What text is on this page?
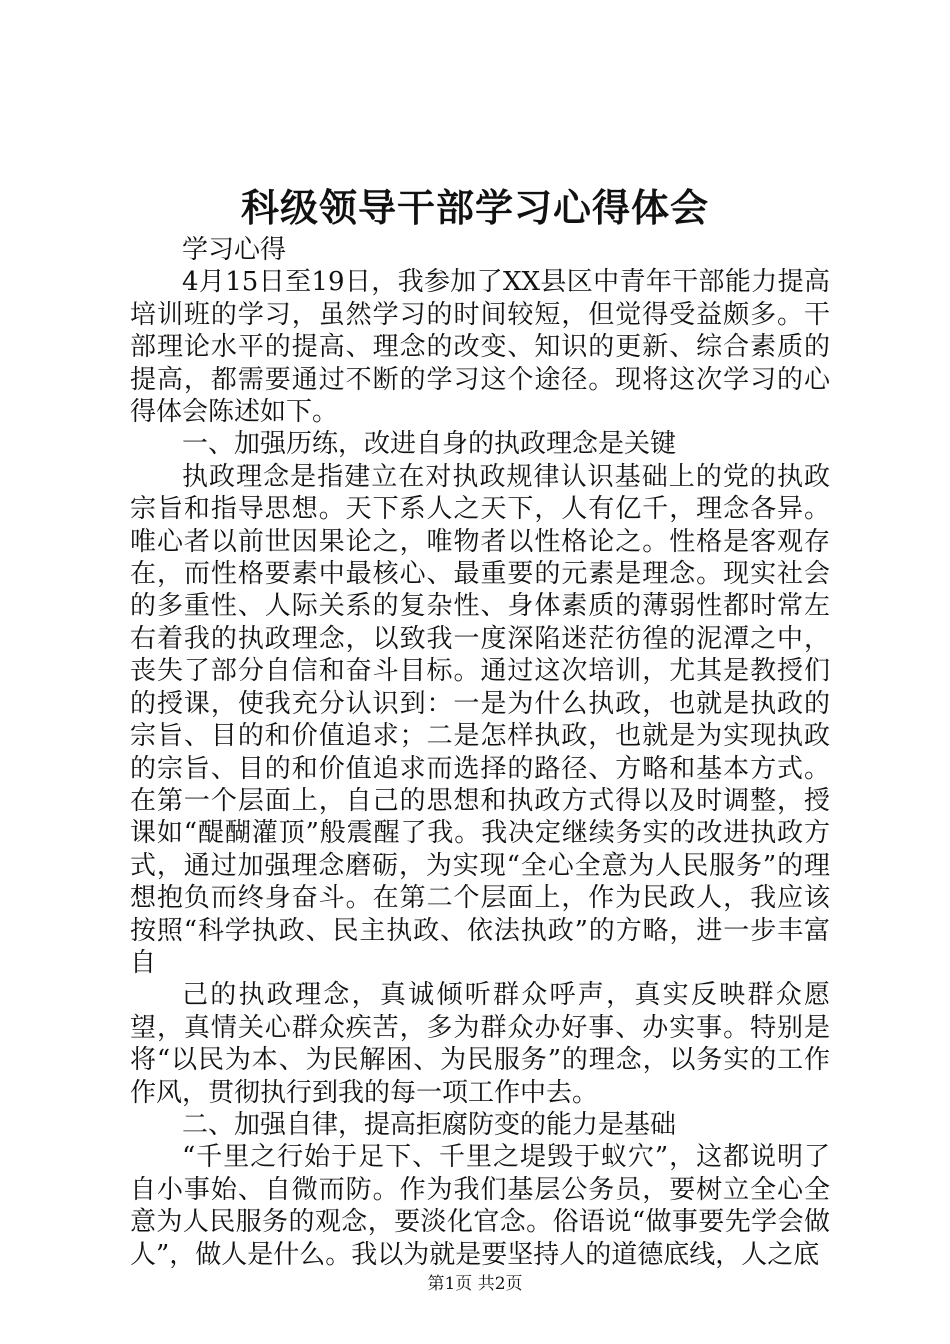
科级领导干部学习心得体会

学习心得

4月15日至19日，我参加了XX县区中青年干部能力提高培训班的学习，虽然学习的时间较短，但觉得受益颇多。干部理论水平的提高、理念的改变、知识的更新、综合素质的提高，都需要通过不断的学习这个途径。现将这次学习的心得体会陈述如下。

一、加强历练，改进自身的执政理念是关键

执政理念是指建立在对执政规律认识基础上的党的执政宗旨和指导思想。天下系人之天下，人有亿千，理念各异。唯心者以前世因果论之，唯物者以性格论之。性格是客观存在，而性格要素中最核心、最重要的元素是理念。现实社会的多重性、人际关系的复杂性、身体素质的薄弱性都时常左右着我的执政理念，以致我一度深陷迷茫彷徨的泥潭之中，丧失了部分自信和奋斗目标。通过这次培训，尤其是教授们的授课，使我充分认识到：一是为什么执政，也就是执政的宗旨、目的和价值追求；二是怎样执政，也就是为实现执政的宗旨、目的和价值追求而选择的路径、方略和基本方式。在第一个层面上，自己的思想和执政方式得以及时调整，授课如“醍醐灌顶”般震醒了我。我决定继续务实的改进执政方式，通过加强理念磨砺，为实现“全心全意为人民服务”的理想抱负而终身奋斗。在第二个层面上，作为民政人，我应该按照“科学执政、民主执政、依法执政”的方略，进一步丰富自

己的执政理念，真诚倾听群众呼声，真实反映群众愿望，真情关心群众疾苦，多为群众办好事、办实事。特别是将“以民为本、为民解困、为民服务”的理念，以务实的工作作风，贯彻执行到我的每一项工作中去。

二、加强自律，提高拒腐防变的能力是基础

“千里之行始于足下、千里之堤毁于蚁穴”，这都说明了自小事始、自微而防。作为我们基层公务员，要树立全心全意为人民服务的观念，要淡化官念。俗语说“做事要先学会做人”，做人是什么。我以为就是要坚持人的道德底线，人之底

第1页 共2页
